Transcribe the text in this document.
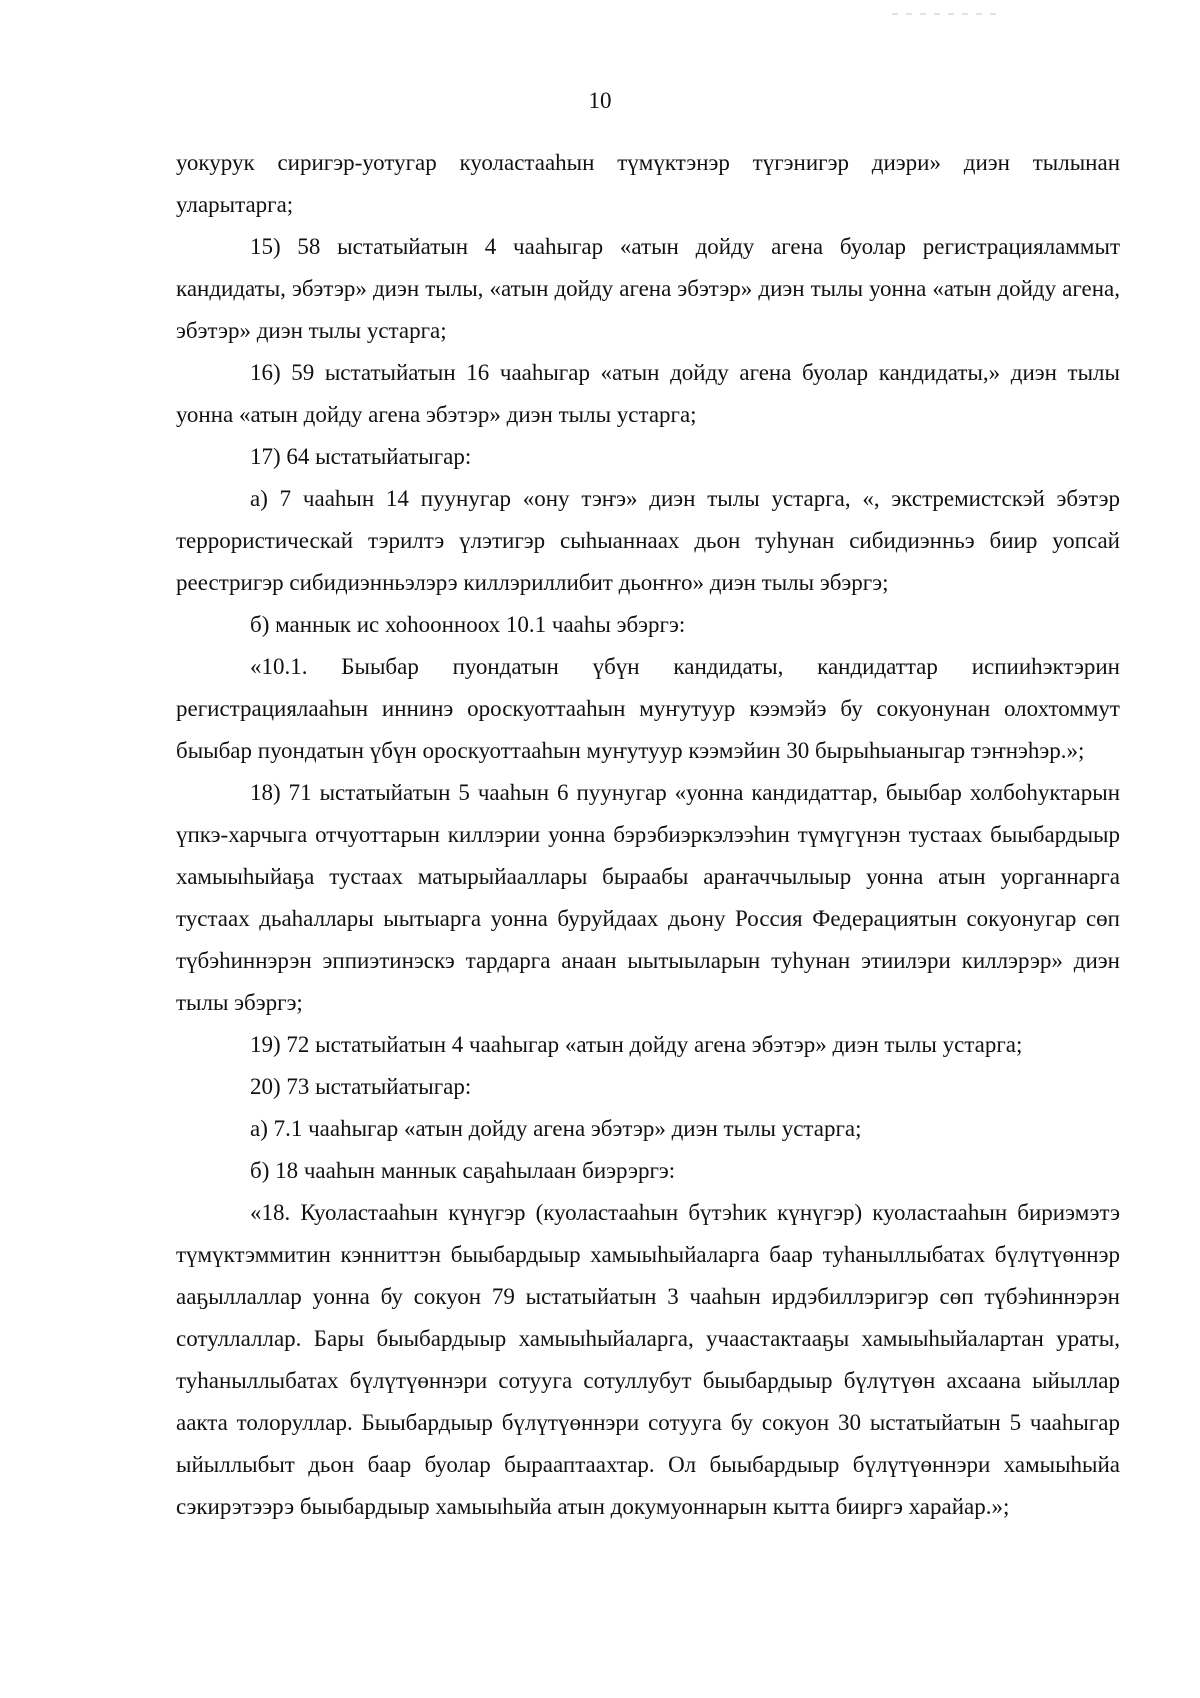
10

уокурук сиригэр-уотугар куоластааһын түмүктэнэр түгэнигэр диэри» диэн тылынан уларытарга;

15) 58 ыстатыйатын 4 чааһыгар «атын дойду агена буолар регистрацияламмыт кандидаты, эбэтэр» диэн тылы, «атын дойду агена эбэтэр» диэн тылы уонна «атын дойду агена, эбэтэр» диэн тылы устарга;

16) 59 ыстатыйатын 16 чааһыгар «атын дойду агена буолар кандидаты,» диэн тылы уонна «атын дойду агена эбэтэр» диэн тылы устарга;

17) 64 ыстатыйатыгар:

а) 7 чааһын 14 пуунугар «ону тэҥэ» диэн тылы устарга, «, экстремистскэй эбэтэр террористическай тэрилтэ үлэтигэр сыһыаннаах дьон туһунан сибидиэнньэ биир уопсай реестригэр сибидиэнньэлэрэ киллэриллибит дьоҥҥо» диэн тылы эбэргэ;

б) маннык ис хоһооннoох 10.1 чааһы эбэргэ:

«10.1. Быыбар пуондатын үбүн кандидаты, кандидаттар испииһэктэрин регистрациялааһын иннинэ ороскуоттааһын муҥутуур кээмэйэ бу сокуонунан олохтоммут быыбар пуондатын үбүн ороскуоттааһын муҥутуур кээмэйин 30 бырыһыаныгар тэҥнэһэр.»;

18) 71 ыстатыйатын 5 чааһын 6 пуунугар «уонна кандидаттар, быыбар холбоһуктарын үпкэ-харчыга отчуоттарын киллэрии уонна бэрэбиэркэлээһин түмүгүнэн тустаах быыбардыыр хамыыһыйаҕа тустаах матырыйааллары быраабы араҥаччылыыр уонна атын уорганнарга тустаах дьаһаллары ыытыарга уонна буруйдаах дьону Россия Федерациятын сокуонугар сөп түбэһиннэрэн эппиэтинэскэ тардарга анаан ыытыыларын туһунан этиилэри киллэрэр» диэн тылы эбэргэ;

19) 72 ыстатыйатын 4 чааһыгар «атын дойду агена эбэтэр» диэн тылы устарга;

20) 73 ыстатыйатыгар:

а) 7.1 чааһыгар «атын дойду агена эбэтэр» диэн тылы устарга;

б) 18 чааһын маннык саҕаһылаан биэрэргэ:

«18. Куоластааһын күнүгэр (куоластааһын бүтэһик күнүгэр) куоластааһын бириэмэтэ түмүктэммитин кэнниттэн быыбардыыр хамыыһыйаларга баар туһаныллыбатах бүлүтүөннэр ааҕыллаллар уонна бу сокуон 79 ыстатыйатын 3 чааһын ирдэбиллэригэр сөп түбэһиннэрэн сотуллаллар. Бары быыбардыыр хамыыһыйаларга, учаастактааҕы хамыыһыйалартан ураты, туһаныллыбатах бүлүтүөннэри сотууга сотуллубут быыбардыыр бүлүтүөн ахсаана ыйыллар аакта толоруллар. Быыбардыыр бүлүтүөннэри сотууга бу сокуон 30 ыстатыйатын 5 чааһыгар ыйыллыбыт дьон баар буолар бырааптаахтар. Ол быыбардыыр бүлүтүөннэри хамыыһыйа сэкирэтээрэ быыбардыыр хамыыһыйа атын докумуоннарын кытта бииргэ харайар.»;
